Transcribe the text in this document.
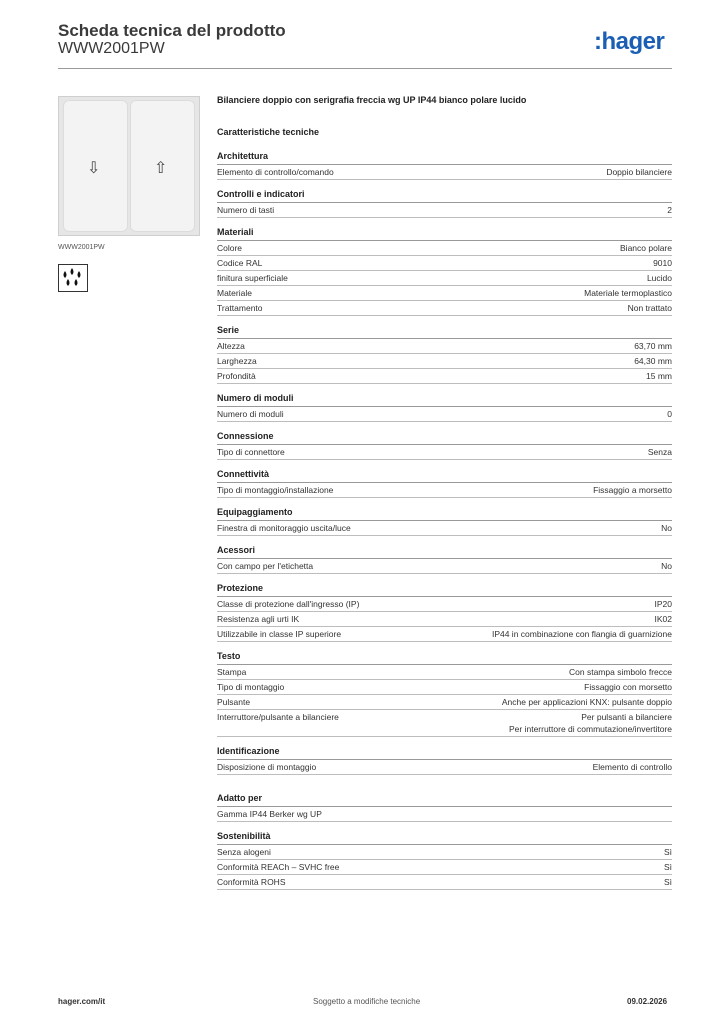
Scheda tecnica del prodotto
WWW2001PW	:hager
⇩	⇧
WWW2001PW
Bilanciere doppio con serigrafia freccia wg UP IP44 bianco polare lucido
Caratteristiche tecniche
Architettura
Elemento di controllo/comando	Doppio bilanciere
Controlli e indicatori
Numero di tasti	2
Materiali
Colore	Bianco polare
Codice RAL	9010
finitura superficiale	Lucido
Materiale	Materiale termoplastico
Trattamento	Non trattato
Serie
Altezza	63,70 mm
Larghezza	64,30 mm
Profondità	15 mm
Numero di moduli
Numero di moduli	0
Connessione
Tipo di connettore	Senza
Connettività
Tipo di montaggio/installazione	Fissaggio a morsetto
Equipaggiamento
Finestra di monitoraggio uscita/luce	No
Acessori
Con campo per l'etichetta	No
Protezione
Classe di protezione dall'ingresso (IP)	IP20
Resistenza agli urti IK	IK02
Utilizzabile in classe IP superiore	IP44 in combinazione con flangia di guarnizione
Testo
Stampa	Con stampa simbolo frecce
Tipo di montaggio	Fissaggio con morsetto
Pulsante	Anche per applicazioni KNX: pulsante doppio
Interruttore/pulsante a bilanciere	Per pulsanti a bilanciere
Per interruttore di commutazione/invertitore
Identificazione
Disposizione di montaggio	Elemento di controllo
Adatto per
Gamma IP44 Berker wg UP
Sostenibilità
Senza alogeni	Sì
Conformità REACh – SVHC free	Sì
Conformità ROHS	Sì
hager.com/it	Soggetto a modifiche tecniche	09.02.2026
